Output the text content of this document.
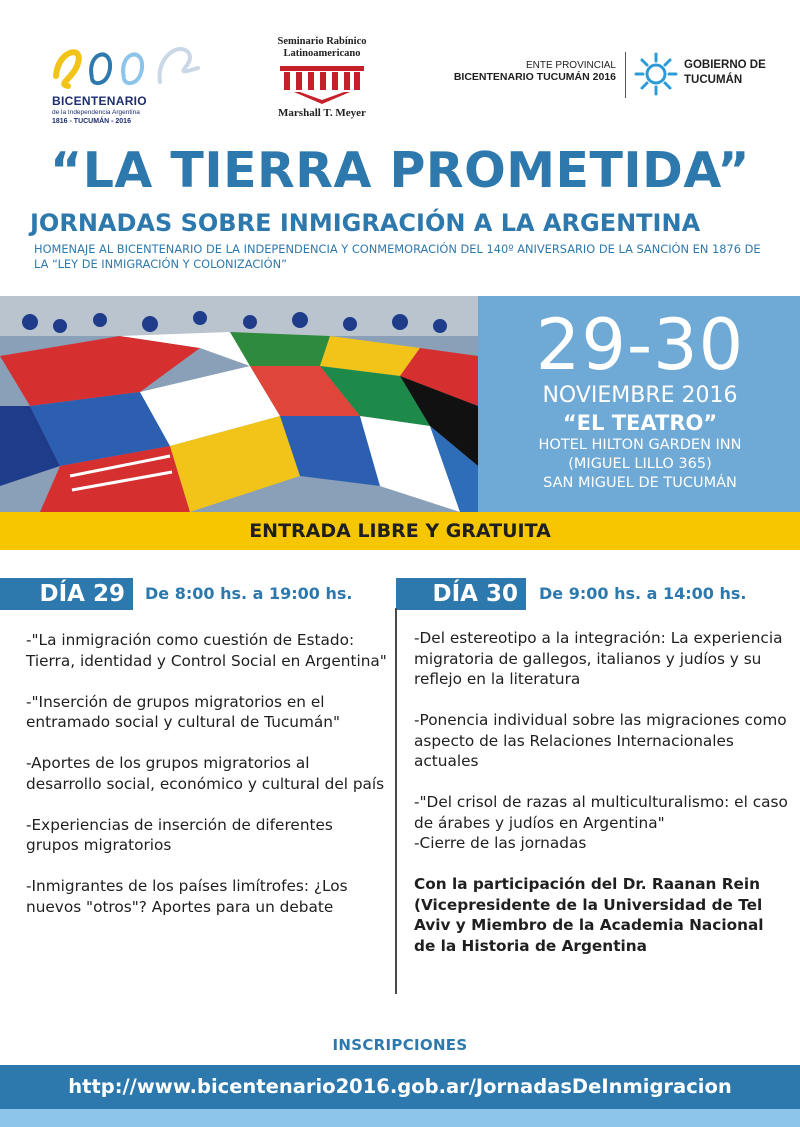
BICENTENARIO
de la Independencia Argentina
1816 - TUCUMÁN - 2016
Seminario Rabínico
Latinoamericano
Marshall T. Meyer
ENTE PROVINCIAL
BICENTENARIO TUCUMÁN 2016
GOBIERNO DE
TUCUMÁN
“LA TIERRA PROMETIDA”
JORNADAS SOBRE INMIGRACIÓN A LA ARGENTINA
HOMENAJE AL BICENTENARIO DE LA INDEPENDENCIA Y CONMEMORACIÓN DEL 140º ANIVERSARIO DE LA SANCIÓN EN 1876 DE LA “LEY DE INMIGRACIÓN Y COLONIZACIÓN”
29-30
NOVIEMBRE 2016
“EL TEATRO”
HOTEL HILTON GARDEN INN
(MIGUEL LILLO 365)
SAN MIGUEL DE TUCUMÁN
ENTRADA LIBRE Y GRATUITA
DÍA 29	De 8:00 hs. a 19:00 hs.	DÍA 30	De 9:00 hs. a 14:00 hs.

-"La inmigración como cuestión de Estado: Tierra, identidad y Control Social en Argentina"

-"Inserción de grupos migratorios en el entramado social y cultural de Tucumán"

-Aportes de los grupos migratorios al desarrollo social, económico y cultural del país

-Experiencias de inserción de diferentes grupos migratorios

-Inmigrantes de los países limítrofes: ¿Los nuevos "otros"? Aportes para un debate

-Del estereotipo a la integración: La experiencia migratoria de gallegos, italianos y judíos y su reflejo en la literatura

-Ponencia individual sobre las migraciones como aspecto de las Relaciones Internacionales actuales

-"Del crisol de razas al multiculturalismo: el caso de árabes y judíos en Argentina"

-Cierre de las jornadas

Con la participación del Dr. Raanan Rein (Vicepresidente de la Universidad de Tel Aviv y Miembro de la Academia Nacional de la Historia de Argentina

INSCRIPCIONES
http://www.bicentenario2016.gob.ar/JornadasDeInmigracion
